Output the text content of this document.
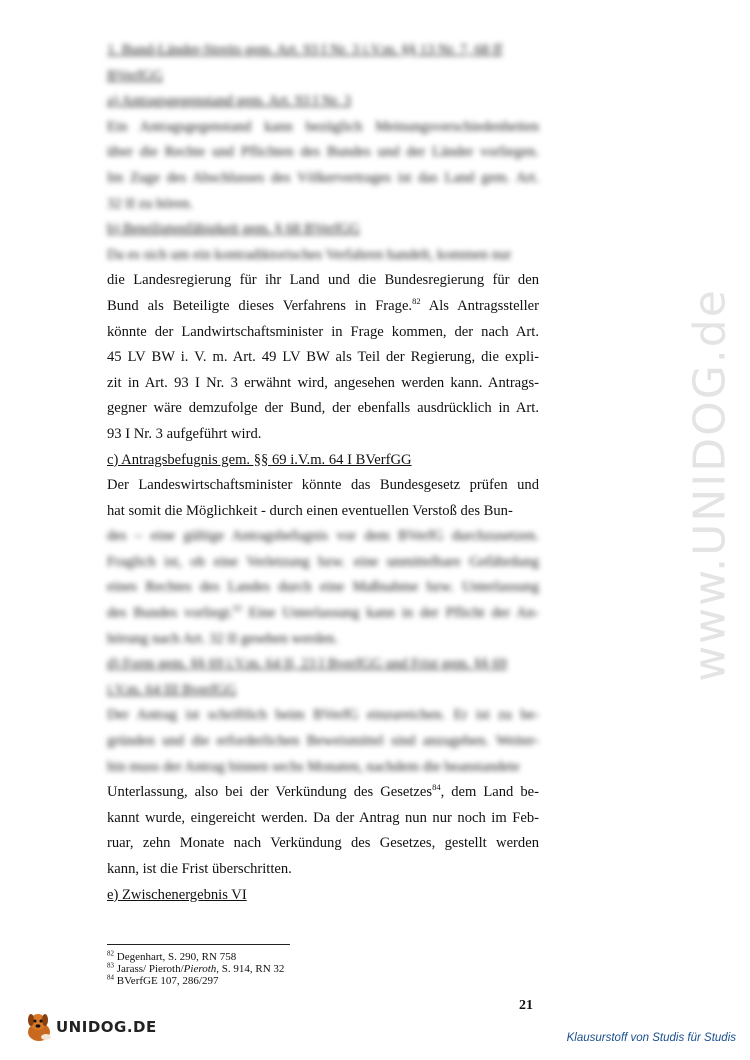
www.UNIDOG.de
1. Bund-Länder-Streits gem. Art. 93 I Nr. 3 i.V.m. §§ 13 Nr. 7, 68 ff
BVerfGG
a) Antragsgegenstand gem. Art. 93 I Nr. 3
Ein Antragsgegenstand kann bezüglich Meinungsverschiedenheiten
über die Rechte und Pflichten des Bundes und der Länder vorliegen.
Im Zuge des Abschlusses des Völkervertrages ist das Land gem. Art.
32 II zu hören.
b) Beteiligtenfähigkeit gem. § 68 BVerfGG
Da es sich um ein kontradiktorisches Verfahren handelt, kommen nur
die Landesregierung für ihr Land und die Bundesregierung für den
Bund als Beteiligte dieses Verfahrens in Frage.$^{82}$ Als Antragssteller
könnte der Landwirtschaftsminister in Frage kommen, der nach Art.
45 LV BW i. V. m. Art. 49 LV BW als Teil der Regierung, die expli-
zit in Art. 93 I Nr. 3 erwähnt wird, angesehen werden kann. Antrags-
gegner wäre demzufolge der Bund, der ebenfalls ausdrücklich in Art.
93 I Nr. 3 aufgeführt wird.
c) Antragsbefugnis gem. §§ 69 i.V.m. 64 I BVerfGG
Der Landeswirtschaftsminister könnte das Bundesgesetz prüfen und
hat somit die Möglichkeit - durch einen eventuellen Verstoß des Bun-
des – eine gültige Antragsbefugnis vor dem BVerfG durchzusetzen.
Fraglich ist, ob eine Verletzung bzw. eine unmittelbare Gefährdung
eines Rechtes des Landes durch eine Maßnahme bzw. Unterlassung
des Bundes vorliegt.$^{83}$ Eine Unterlassung kann in der Pflicht der An-
hörung nach Art. 32 II gesehen werden.
d) Form gem. §§ 69 i.V.m. 64 II, 23 I BverfGG und Frist gem. §§ 69
i.V.m. 64 III BverfGG
Der Antrag ist schriftlich beim BVerfG einzureichen. Er ist zu be-
gründen und die erforderlichen Beweismittel sind anzugeben. Weiter-
hin muss der Antrag binnen sechs Monaten, nachdem die beanstandete
Unterlassung, also bei der Verkündung des Gesetzes$^{84}$, dem Land be-
kannt wurde, eingereicht werden. Da der Antrag nun nur noch im Feb-
ruar, zehn Monate nach Verkündung des Gesetzes, gestellt werden
kann, ist die Frist überschritten.
e) Zwischenergebnis VI
$^{82}$ Degenhart, S. 290, RN 758
$^{83}$ Jarass/ Pieroth/Pieroth, S. 914, RN 32
$^{84}$ BVerfGE 107, 286/297
21
UNIDOG.DE
Klausurstoff von Studis für Studis
